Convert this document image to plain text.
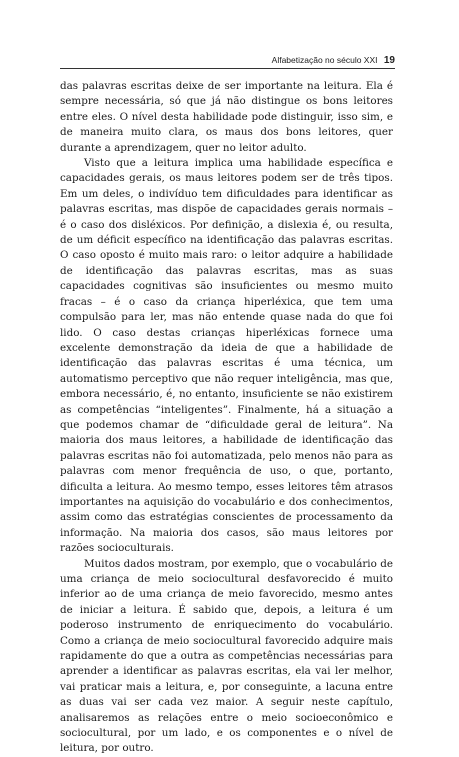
Alfabetização no século XXI 19

das palavras escritas deixe de ser importante na leitura. Ela é sempre necessária, só que já não distingue os bons leitores entre eles. O nível desta habilidade pode distinguir, isso sim, e de maneira muito clara, os maus dos bons leitores, quer durante a aprendizagem, quer no leitor adulto.

Visto que a leitura implica uma habilidade específica e capacidades gerais, os maus leitores podem ser de três tipos. Em um deles, o indivíduo tem dificuldades para identificar as palavras escritas, mas dispõe de capacidades gerais normais – é o caso dos disléxicos. Por definição, a dislexia é, ou resulta, de um déficit específico na identificação das palavras escritas. O caso oposto é muito mais raro: o leitor adquire a habilidade de identificação das palavras escritas, mas as suas capacidades cognitivas são insuficientes ou mesmo muito fracas – é o caso da criança hiperléxica, que tem uma compulsão para ler, mas não entende quase nada do que foi lido. O caso destas crianças hiperléxicas fornece uma excelente demonstração da ideia de que a habilidade de identificação das palavras escritas é uma técnica, um automatismo perceptivo que não requer inteligência, mas que, embora necessário, é, no entanto, insuficiente se não existirem as competências “inteligentes”. Finalmente, há a situação a que podemos chamar de “dificuldade geral de leitura”. Na maioria dos maus leitores, a habilidade de identificação das palavras escritas não foi automatizada, pelo menos não para as palavras com menor frequência de uso, o que, portanto, dificulta a leitura. Ao mesmo tempo, esses leitores têm atrasos importantes na aquisição do vocabulário e dos conhecimentos, assim como das estratégias conscientes de processamento da informação. Na maioria dos casos, são maus leitores por razões socioculturais.

Muitos dados mostram, por exemplo, que o vocabulário de uma criança de meio sociocultural desfavorecido é muito inferior ao de uma criança de meio favorecido, mesmo antes de iniciar a leitura. É sabido que, depois, a leitura é um poderoso instrumento de enriquecimento do vocabulário. Como a criança de meio sociocultural favorecido adquire mais rapidamente do que a outra as competências necessárias para aprender a identificar as palavras escritas, ela vai ler melhor, vai praticar mais a leitura, e, por conseguinte, a lacuna entre as duas vai ser cada vez maior. A seguir neste capítulo, analisaremos as relações entre o meio socioeconômico e sociocultural, por um lado, e os componentes e o nível de leitura, por outro.
